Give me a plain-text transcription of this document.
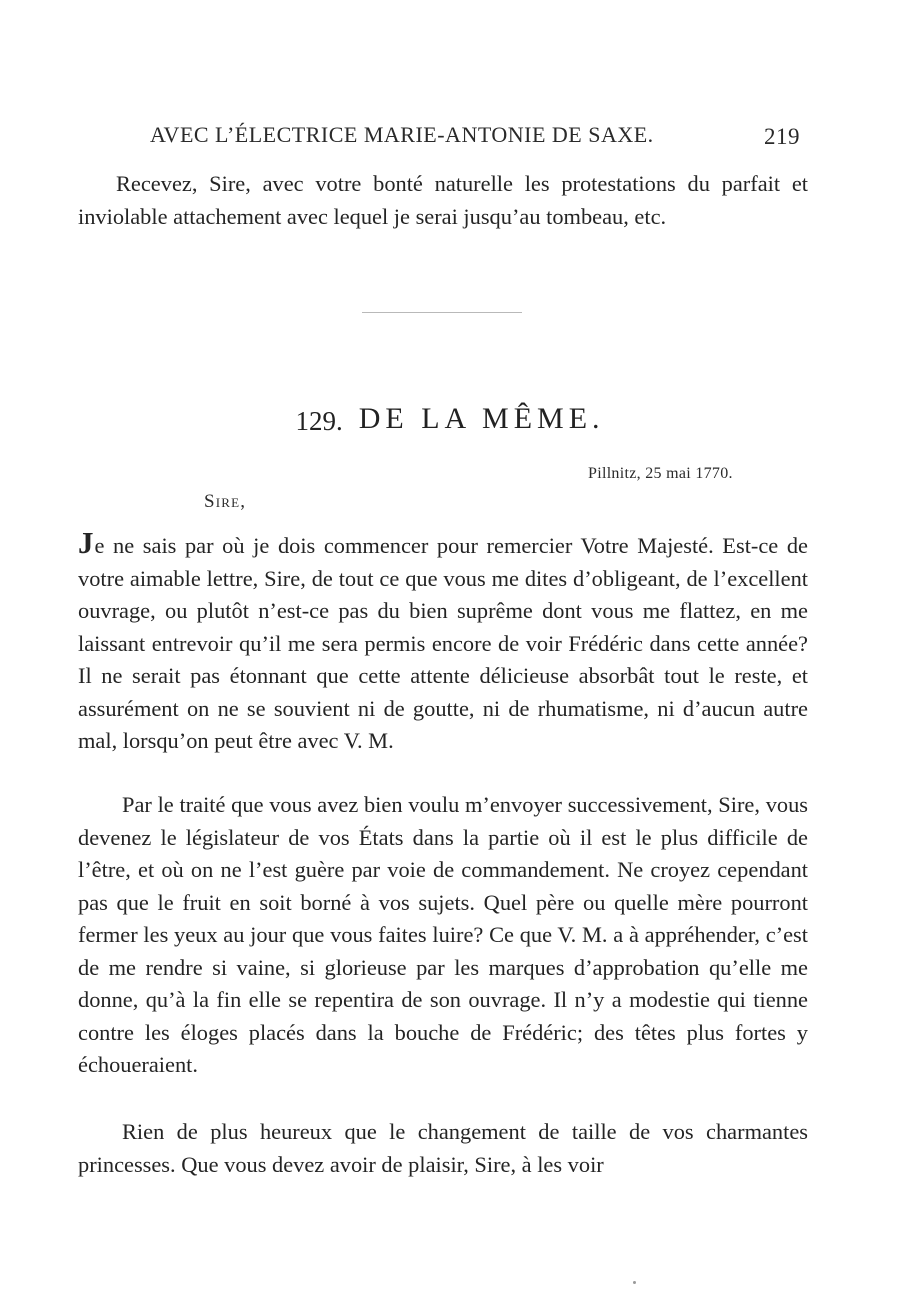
AVEC L’ÉLECTRICE MARIE-ANTONIE DE SAXE.	219

Recevez, Sire, avec votre bonté naturelle les protestations du parfait et inviolable attachement avec lequel je serai jusqu’au tombeau, etc.

129. DE LA MÊME.
Pillnitz, 25 mai 1770.
Sire,

Je ne sais par où je dois commencer pour remercier Votre Majesté. Est-ce de votre aimable lettre, Sire, de tout ce que vous me dites d’obligeant, de l’excellent ouvrage, ou plutôt n’est-ce pas du bien suprême dont vous me flattez, en me laissant entrevoir qu’il me sera permis encore de voir Frédéric dans cette année? Il ne serait pas étonnant que cette attente délicieuse absorbât tout le reste, et assurément on ne se souvient ni de goutte, ni de rhumatisme, ni d’aucun autre mal, lorsqu’on peut être avec V. M.

Par le traité que vous avez bien voulu m’envoyer successivement, Sire, vous devenez le législateur de vos États dans la partie où il est le plus difficile de l’être, et où on ne l’est guère par voie de commandement. Ne croyez cependant pas que le fruit en soit borné à vos sujets. Quel père ou quelle mère pourront fermer les yeux au jour que vous faites luire? Ce que V. M. a à appréhender, c’est de me rendre si vaine, si glorieuse par les marques d’approbation qu’elle me donne, qu’à la fin elle se repentira de son ouvrage. Il n’y a modestie qui tienne contre les éloges placés dans la bouche de Frédéric; des têtes plus fortes y échoueraient.

Rien de plus heureux que le changement de taille de vos charmantes princesses. Que vous devez avoir de plaisir, Sire, à les voir
